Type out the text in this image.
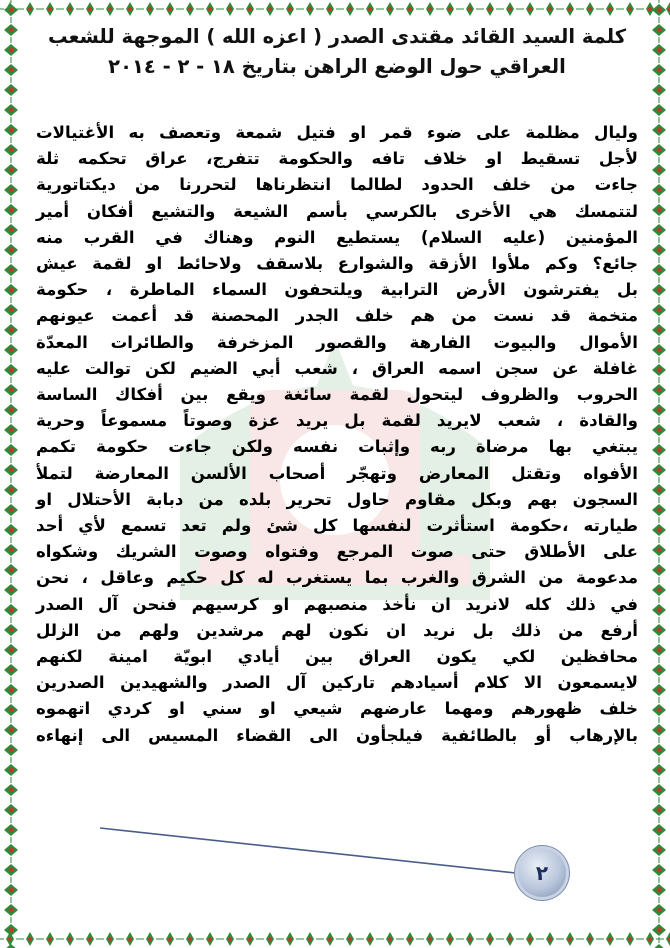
كلمة السيد القائد مقتدى الصدر ( اعزه الله ) الموجهة للشعب
العراقي حول الوضع الراهن بتاريخ ١٨ - ٢ - ٢٠١٤
وليال مظلمة على ضوء قمر او فتيل شمعة وتعصف به الأغتيالات
لأجل تسقيط او خلاف تافه والحكومة تتفرج، عراق تحكمه ثلة
جاءت من خلف الحدود لطالما انتظرناها لتحررنا من ديكتاتورية
لتتمسك هي الأخرى بالكرسي بأسم الشيعة والتشيع أفكان أمير
المؤمنين (عليه السلام) يستطيع النوم وهناك في القرب منه
جائع؟ وكم ملأوا الأزقة والشوارع بلاسقف ولاحائط او لقمة عيش
بل يفترشون الأرض الترابية ويلتحفون السماء الماطرة ، حكومة
متخمة قد نست من هم خلف الجدر المحصنة قد أعمت عيونهم
الأموال والبيوت الفارهة والقصور المزخرفة والطائرات المعدّة
غافلة عن سجن اسمه العراق ، شعب أبي الضيم لكن توالت عليه
الحروب والظروف ليتحول لقمة سائغة ويقع بين أفكاك الساسة
والقادة ، شعب لايريد لقمة بل يريد عزة وصوتاً مسموعاً وحرية
يبتغي بها مرضاة ربه وإثبات نفسه ولكن جاءت حكومة تكمم
الأفواه وتقتل المعارض وتهجّر أصحاب الألسن المعارضة لتملأ
السجون بهم وبكل مقاوم حاول تحرير بلده من دبابة الأحتلال او
طيارته ،حكومة استأثرت لنفسها كل شئ ولم تعد تسمع لأي أحد
على الأطلاق حتى صوت المرجع وفتواه وصوت الشريك وشكواه
مدعومة من الشرق والغرب بما يستغرب له كل حكيم وعاقل ، نحن
في ذلك كله لانريد ان نأخذ منصبهم او كرسيهم فنحن آل الصدر
أرفع من ذلك بل نريد ان نكون لهم مرشدين ولهم من الزلل
محافظين لكي يكون العراق بين أيادي ابويّة امينة لكنهم
لايسمعون الا كلام أسيادهم تاركين آل الصدر والشهيدين الصدرين
خلف ظهورهم ومهما عارضهم شيعي او سني او كردي اتهموه
بالإرهاب أو بالطائفية فيلجأون الى القضاء المسيس الى إنهاءه
٢
